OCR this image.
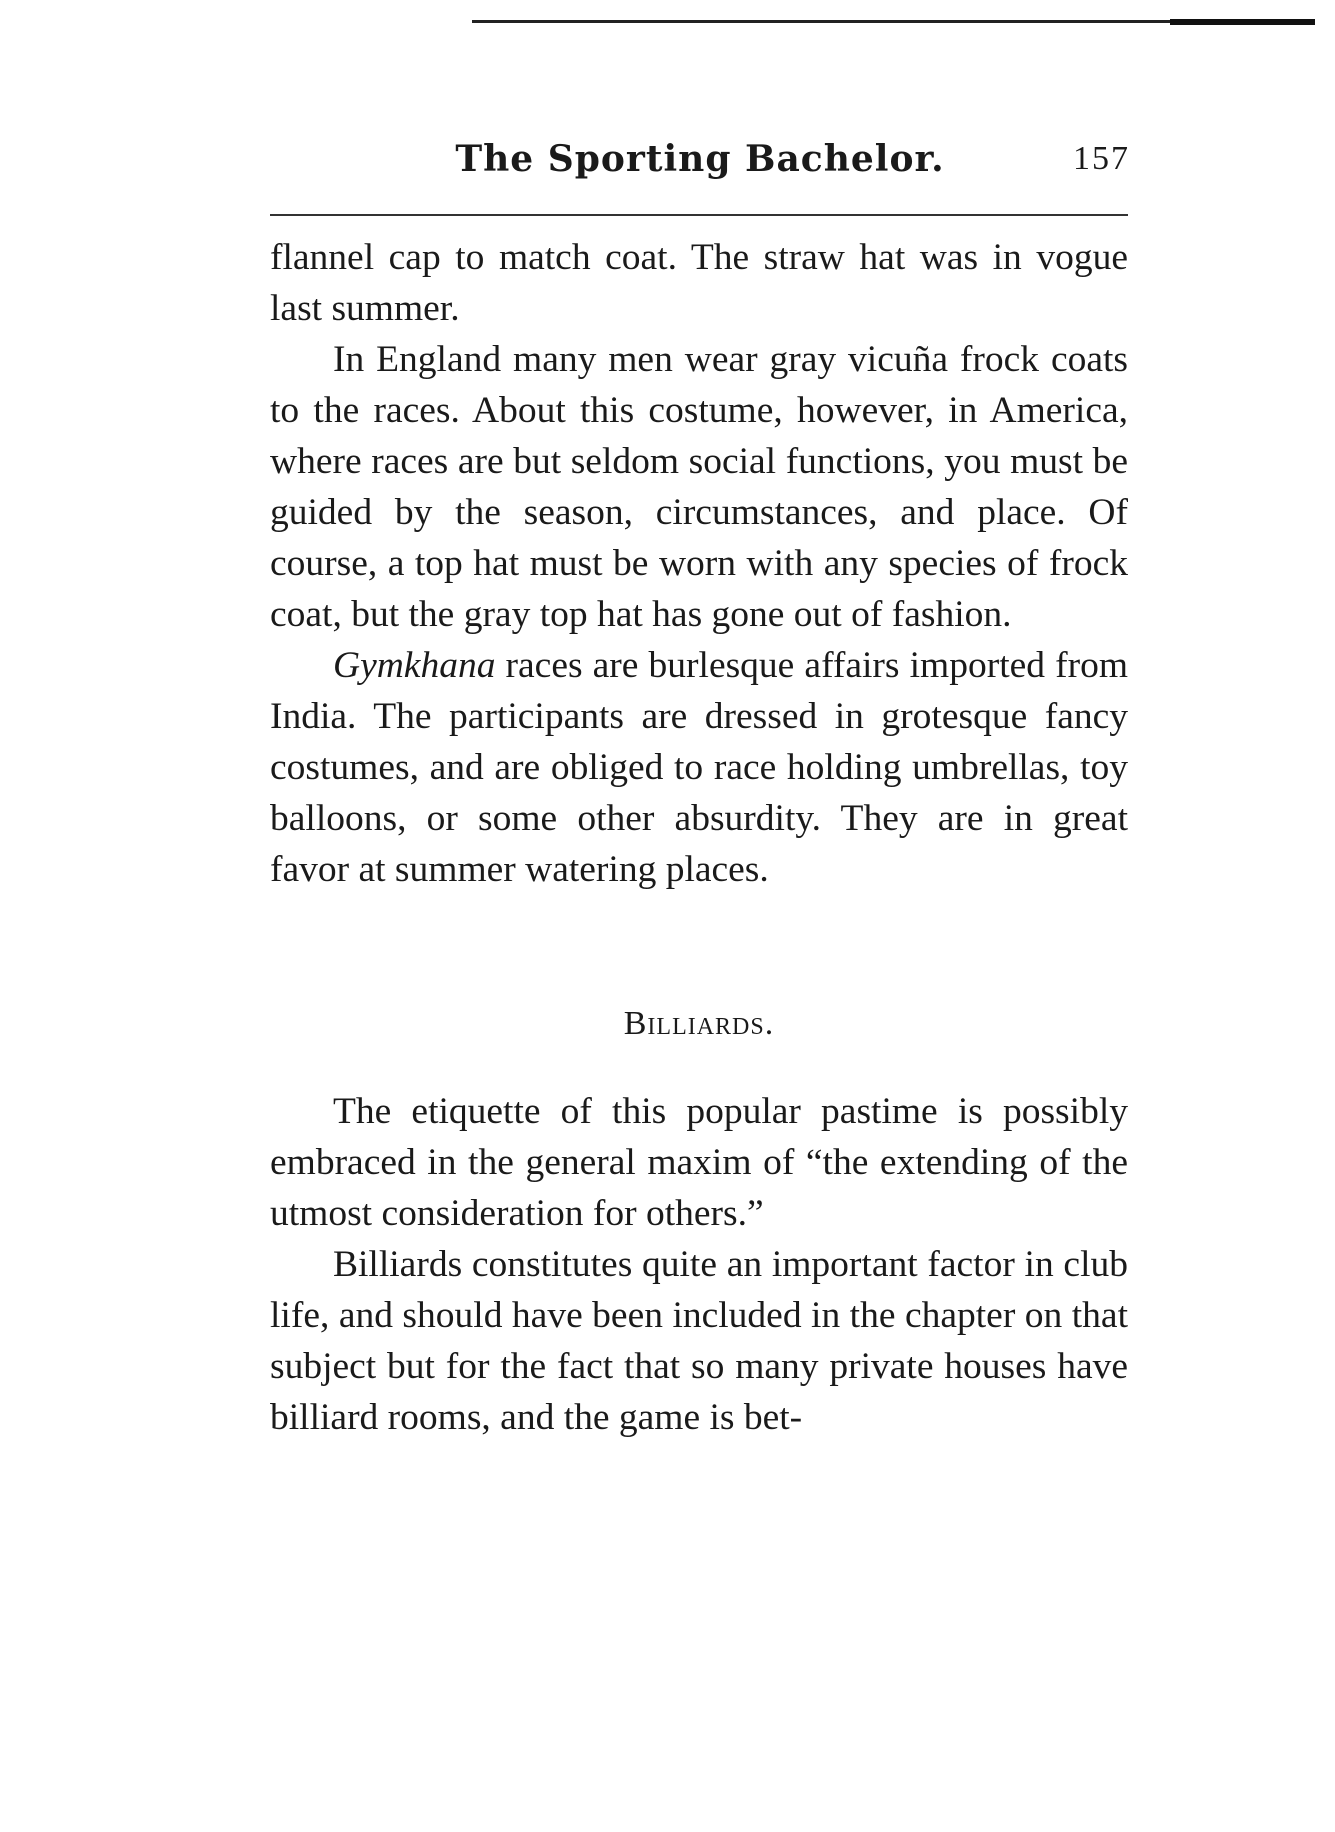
The Sporting Bachelor.	157

flannel cap to match coat. The straw hat was in vogue last summer.

In England many men wear gray vicuña frock coats to the races. About this costume, however, in America, where races are but seldom social functions, you must be guided by the season, circumstances, and place. Of course, a top hat must be worn with any species of frock coat, but the gray top hat has gone out of fashion.

Gymkhana races are burlesque affairs imported from India. The participants are dressed in grotesque fancy costumes, and are obliged to race holding umbrellas, toy balloons, or some other absurdity. They are in great favor at summer watering places.

Billiards.

The etiquette of this popular pastime is possibly embraced in the general maxim of “the extending of the utmost consideration for others.”

Billiards constitutes quite an important factor in club life, and should have been included in the chapter on that subject but for the fact that so many private houses have billiard rooms, and the game is bet-
